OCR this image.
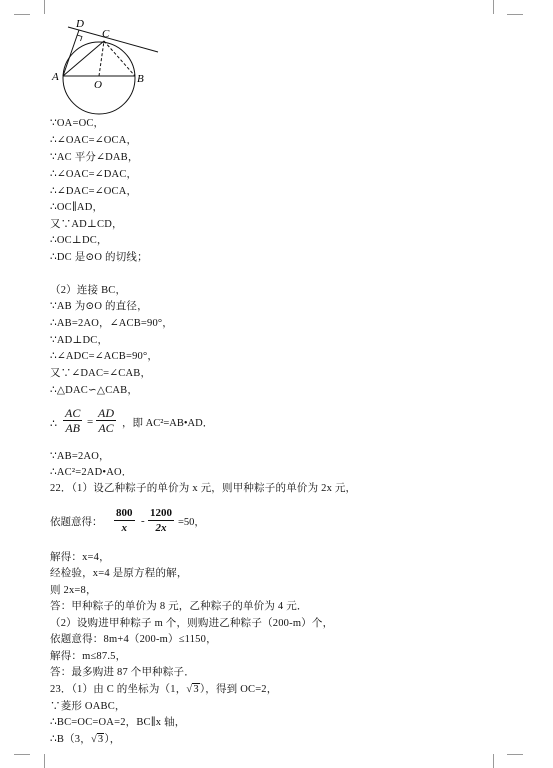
D
C
A	B
O
∵OA=OC，
∴∠OAC=∠OCA，
∵AC 平分∠DAB，
∴∠OAC=∠DAC，
∴∠DAC=∠OCA，
∴OC∥AD，
又∵AD⊥CD，
∴OC⊥DC，
∴DC 是⊙O 的切线；
（2）连接 BC，
∵AB 为⊙O 的直径，
∴AB=2AO，∠ACB=90°，
∵AD⊥DC，
∴∠ADC=∠ACB=90°，
又∵∠DAC=∠CAB，
∴△DAC∽△CAB，
∴
AC
AB =
AD
AC ，即 AC²=AB•AD．
∵AB=2AO，
∴AC²=2AD•AO．
22．（1）设乙种粽子的单价为 x 元，则甲种粽子的单价为 2x 元，
依题意得：
800
x
-
1200
2x =50，
解得：x=4，
经检验，x=4 是原方程的解，
则 2x=8，
答：甲种粽子的单价为 8 元，乙种粽子的单价为 4 元．
（2）设购进甲种粽子 m 个，则购进乙种粽子（200-m）个，
依题意得：8m+4（200-m）≤1150，
解得：m≤87.5，
答：最多购进 87 个甲种粽子．
23．（1）由 C 的坐标为（1，√3），得到 OC=2，
∵菱形 OABC，
∴BC=OC=OA=2，BC∥x 轴，
∴B（3，√3），
